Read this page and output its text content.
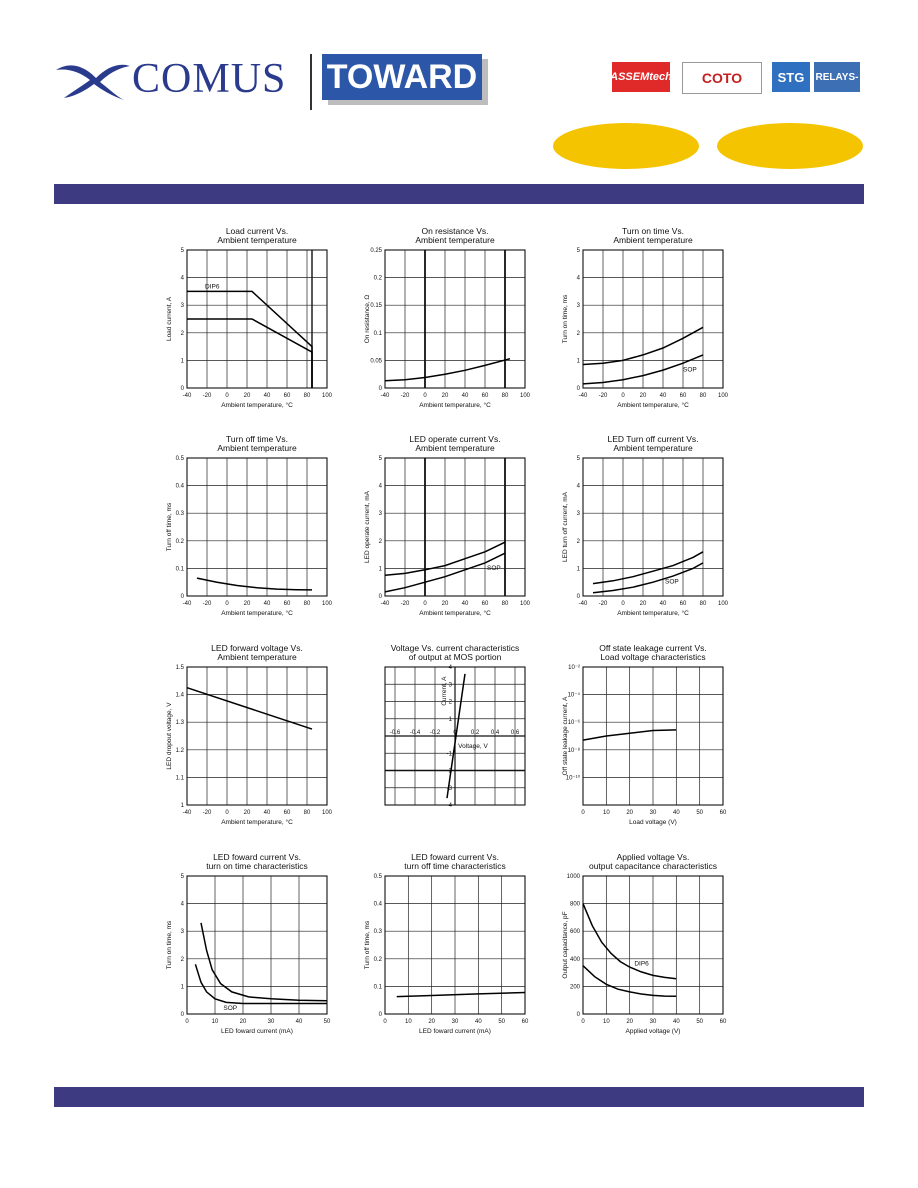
COMUS TOWARD	ASSEMtech	COTO	STG	RELAYS-
Load current Vs.
Ambient temperature
-40 -20 0 20 40 60 80 100
0
1
2
3
4
5
Ambient temperature, °C
Load current, A
DIP6
On resistance Vs.
Ambient temperature
-40 -20 0 20 40 60 80 100
0
0.05
0.1
0.15
0.2
0.25
Ambient temperature, °C
On resistance, Ω
Turn on time Vs.
Ambient temperature
-40 -20 0 20 40 60 80 100
0
1
2
3
4
5
Ambient temperature, °C
Turn on time, ms
SOP
Turn off time Vs.
Ambient temperature
-40 -20 0 20 40 60 80 100
0
0.1
0.2
0.3
0.4
0.5
Ambient temperature, °C
Turn off time, ms
LED operate current Vs.
Ambient temperature
-40 -20 0 20 40 60 80 100
0
1
2
3
4
5
Ambient temperature, °C
LED operate current, mA
SOP
LED Turn off current Vs.
Ambient temperature
-40 -20 0 20 40 60 80 100
0
1
2
3
4
5
Ambient temperature, °C
LED turn off current, mA
SOP
LED forward voltage Vs.
Ambient temperature
-40 -20 0 20 40 60 80 100
1
1.1
1.2
1.3
1.4
1.5
Ambient temperature, °C
LED dropout voltage, V
Voltage Vs. current characteristics
of output at MOS portion
-0.6 -0.4 -0.2 0 0.2 0.4 0.6
-4
-3
-2
-1
1
2
3
4
Voltage, V
Current, A
Off state leakage current Vs.
Load voltage characteristics
0	10	20	30	40	50	60
10⁻¹⁰
10⁻⁸
10⁻⁶
10⁻⁴
10⁻²
Load voltage (V)
Off state leakage current, A
LED foward current Vs.
turn on time characteristics
0	10	20	30	40	50
0
1
2
3
4
5
LED foward current (mA)
Turn on time, ms
SOP
LED foward current Vs.
turn off time characteristics
0	10	20	30	40	50	60
0
0.1
0.2
0.3
0.4
0.5
LED foward current (mA)
Turn off time, ms
Applied voltage Vs.
output capacitance characteristics
0	10	20	30	40	50	60
0
200
400
600
800
1000
Applied voltage (V)
Output capacitance, pF	DIP6
